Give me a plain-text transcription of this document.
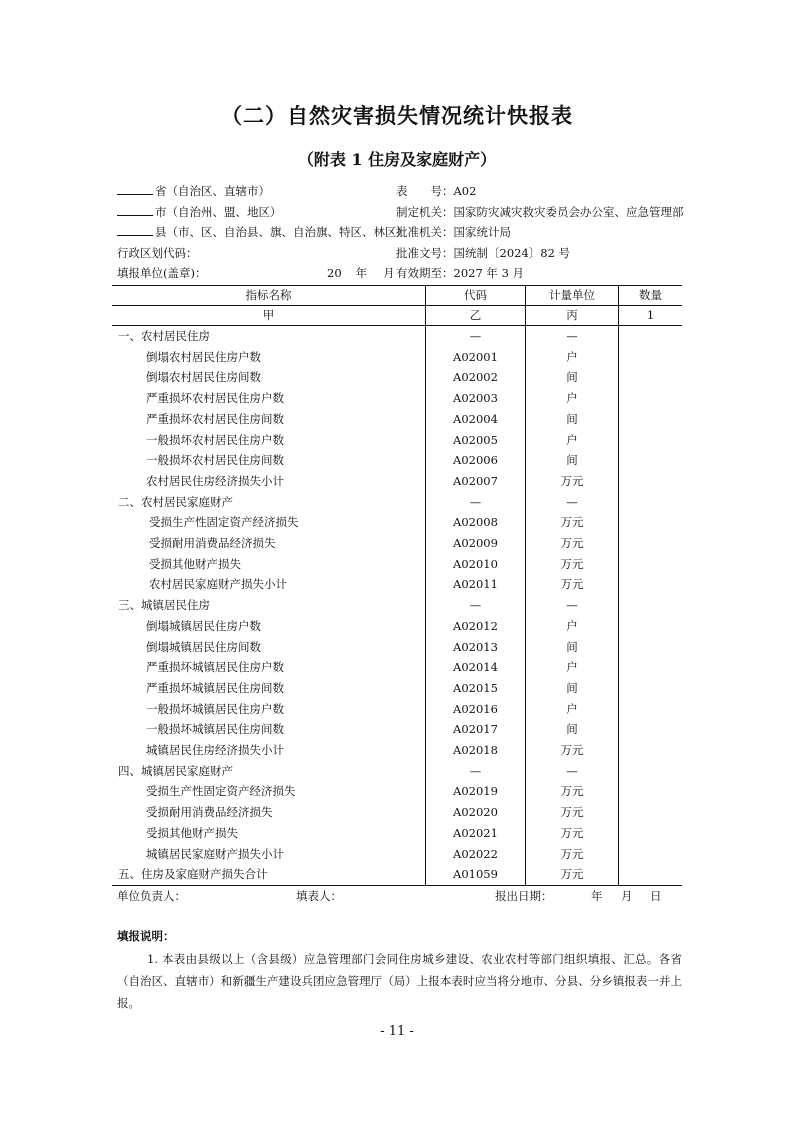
（二）自然灾害损失情况统计快报表
（附表 1 住房及家庭财产）
省（自治区、直辖市）
市（自治州、盟、地区）
县（市、区、自治县、旗、自治旗、特区、林区）
行政区划代码：
填报单位(盖章)：	20 年 月
表　　号：A02
制定机关：国家防灾减灾救灾委员会办公室、应急管理部
批准机关：国家统计局
批准文号：国统制〔2024〕82 号
有效期至：2027 年 3 月
指标名称	代码	计量单位	数量
甲	乙	丙	1
一、农村居民住房	—	—	
倒塌农村居民住房户数	A02001	户	
倒塌农村居民住房间数	A02002	间	
严重损坏农村居民住房户数	A02003	户	
严重损坏农村居民住房间数	A02004	间	
一般损坏农村居民住房户数	A02005	户	
一般损坏农村居民住房间数	A02006	间	
农村居民住房经济损失小计	A02007	万元	
二、农村居民家庭财产	—	—	
受损生产性固定资产经济损失	A02008	万元	
受损耐用消费品经济损失	A02009	万元	
受损其他财产损失	A02010	万元	
农村居民家庭财产损失小计	A02011	万元	
三、城镇居民住房	—	—	
倒塌城镇居民住房户数	A02012	户	
倒塌城镇居民住房间数	A02013	间	
严重损坏城镇居民住房户数	A02014	户	
严重损坏城镇居民住房间数	A02015	间	
一般损坏城镇居民住房户数	A02016	户	
一般损坏城镇居民住房间数	A02017	间	
城镇居民住房经济损失小计	A02018	万元	
四、城镇居民家庭财产	—	—	
受损生产性固定资产经济损失	A02019	万元	
受损耐用消费品经济损失	A02020	万元	
受损其他财产损失	A02021	万元	
城镇居民家庭财产损失小计	A02022	万元	
五、住房及家庭财产损失合计	A01059	万元	
单位负责人：	填表人：	报出日期：	年 月 日
填报说明：
1. 本表由县级以上（含县级）应急管理部门会同住房城乡建设、农业农村等部门组织填报、汇总。各省（自治区、直辖市）和新疆生产建设兵团应急管理厅（局）上报本表时应当将分地市、分县、分乡镇报表一并上报。
- 11 -
